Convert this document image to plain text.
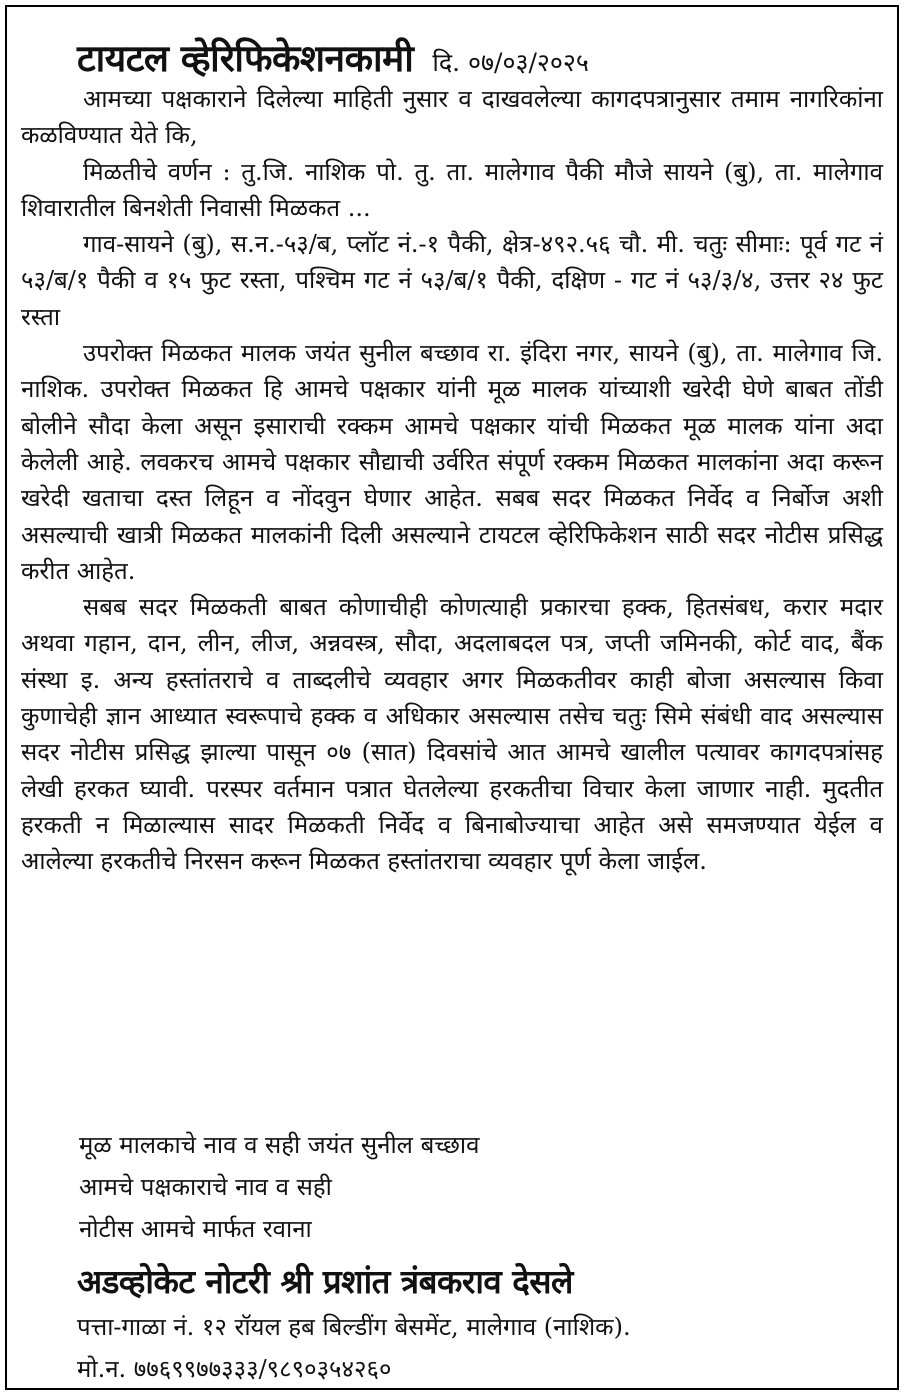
टायटल व्हेरिफिकेशनकामी दि. ०७/०३/२०२५

आमच्या पक्षकाराने दिलेल्या माहिती नुसार व दाखवलेल्या कागदपत्रानुसार तमाम नागरिकांना कळविण्यात येते कि,

मिळतीचे वर्णन : तु.जि. नाशिक पो. तु. ता. मालेगाव पैकी मौजे सायने (बु), ता. मालेगाव शिवारातील बिनशेती निवासी मिळकत ...

गाव-सायने (बु), स.न.-५३/ब, प्लॉट नं.-१ पैकी, क्षेत्र-४९२.५६ चौ. मी. चतुः सीमाः: पूर्व गट नं ५३/ब/१ पैकी व १५ फुट रस्ता, पश्चिम गट नं ५३/ब/१ पैकी, दक्षिण - गट नं ५३/३/४, उत्तर २४ फुट रस्ता

उपरोक्त मिळकत मालक जयंत सुनील बच्छाव रा. इंदिरा नगर, सायने (बु), ता. मालेगाव जि. नाशिक. उपरोक्त मिळकत हि आमचे पक्षकार यांनी मूळ मालक यांच्याशी खरेदी घेणे बाबत तोंडी बोलीने सौदा केला असून इसाराची रक्कम आमचे पक्षकार यांची मिळकत मूळ मालक यांना अदा केलेली आहे. लवकरच आमचे पक्षकार सौद्याची उर्वरित संपूर्ण रक्कम मिळकत मालकांना अदा करून खरेदी खताचा दस्त लिहून व नोंदवुन घेणार आहेत. सबब सदर मिळकत निर्वेद व निर्बोज अशी असल्याची खात्री मिळकत मालकांनी दिली असल्याने टायटल व्हेरिफिकेशन साठी सदर नोटीस प्रसिद्ध करीत आहेत.

सबब सदर मिळकती बाबत कोणाचीही कोणत्याही प्रकारचा हक्क, हितसंबध, करार मदार अथवा गहान, दान, लीन, लीज, अन्नवस्त्र, सौदा, अदलाबदल पत्र, जप्ती जमिनकी, कोर्ट वाद, बैंक संस्था इ. अन्य हस्तांतराचे व ताब्दलीचे व्यवहार अगर मिळकतीवर काही बोजा असल्यास किवा कुणाचेही ज्ञान आध्यात स्वरूपाचे हक्क व अधिकार असल्यास तसेच चतुः सिमे संबंधी वाद असल्यास सदर नोटीस प्रसिद्ध झाल्या पासून ०७ (सात) दिवसांचे आत आमचे खालील पत्यावर कागदपत्रांसह लेखी हरकत घ्यावी. परस्पर वर्तमान पत्रात घेतलेल्या हरकतीचा विचार केला जाणार नाही. मुदतीत हरकती न मिळाल्यास सादर मिळकती निर्वेद व बिनाबोज्याचा आहेत असे समजण्यात येईल व आलेल्या हरकतीचे निरसन करून मिळकत हस्तांतराचा व्यवहार पूर्ण केला जाईल.

मूळ मालकाचे नाव व सही जयंत सुनील बच्छाव
आमचे पक्षकाराचे नाव व सही
नोटीस आमचे मार्फत रवाना
अडव्होकेट नोटरी श्री प्रशांत त्रंबकराव देसले
पत्ता-गाळा नं. १२ रॉयल हब बिल्डींग बेसमेंट, मालेगाव (नाशिक).
मो.न. ७७६९९७७३३३/९८९०३५४२६०
